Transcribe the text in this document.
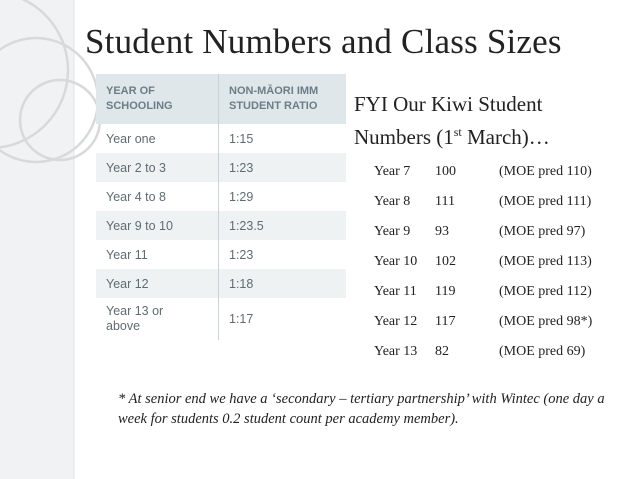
Student Numbers and Class Sizes
YEAR OF
SCHOOLING	NON-MĀORI IMM
STUDENT RATIO
Year one	1:15
Year 2 to 3	1:23
Year 4 to 8	1:29
Year 9 to 10	1:23.5
Year 11	1:23
Year 12	1:18
Year 13 or
above	1:17
FYI Our Kiwi Student
Numbers (1st March)…
Year 7 100	(MOE pred 110)
Year 8 111	(MOE pred 111)
Year 9 93	(MOE pred 97)
Year 10 102	(MOE pred 113)
Year 11 119	(MOE pred 112)
Year 12 117	(MOE pred 98*)
Year 13 82	(MOE pred 69)
* At senior end we have a ‘secondary – tertiary partnership’ with Wintec (one day a week for students 0.2 student count per academy member).
